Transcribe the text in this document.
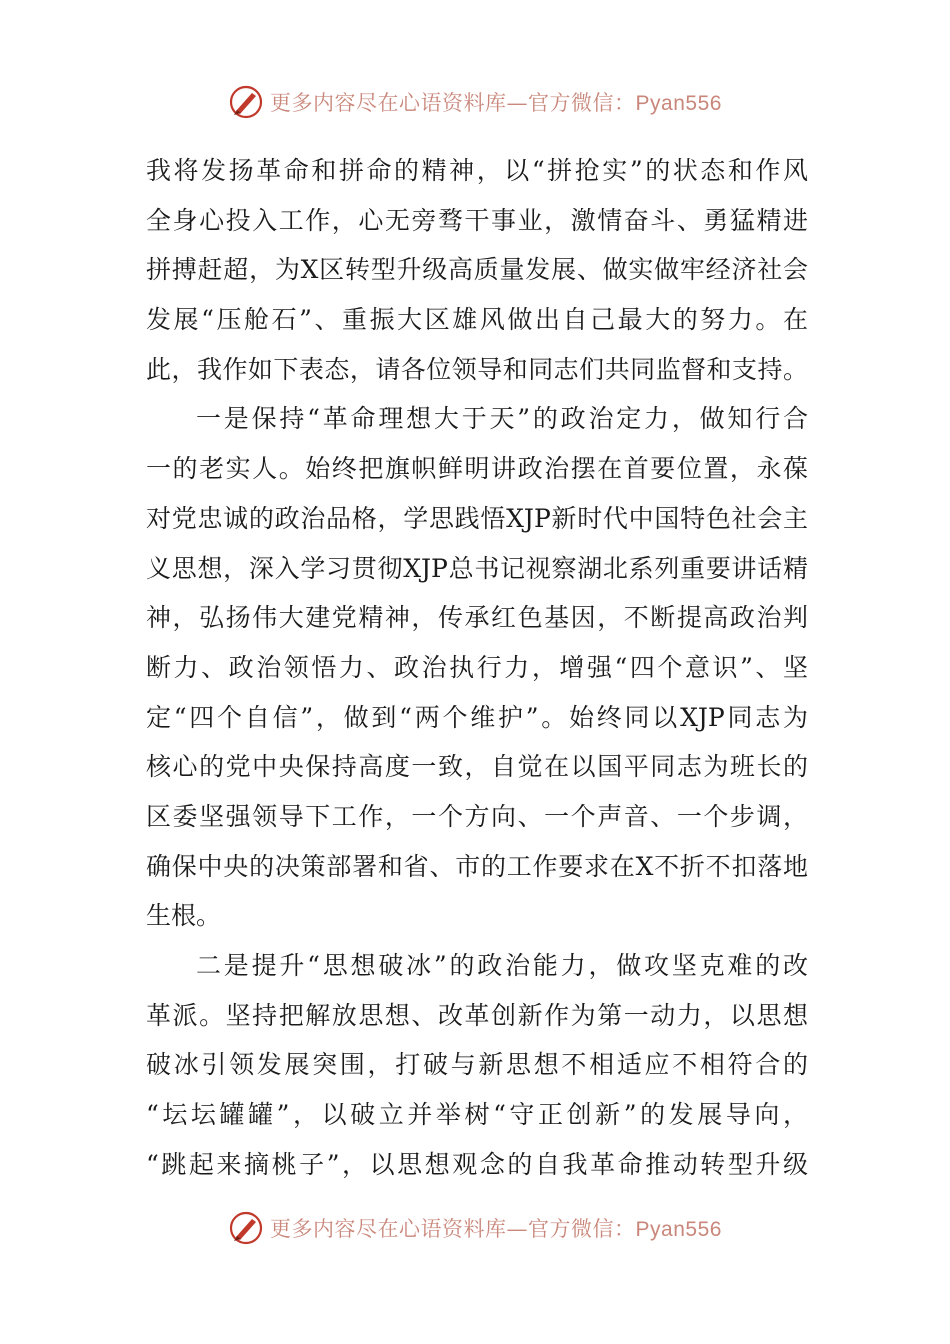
更多内容尽在心语资料库—官方微信：Pyan556
我将发扬革命和拼命的精神，以“拼抢实”的状态和作风
全身心投入工作，心无旁骛干事业，激情奋斗、勇猛精进
拼搏赶超，为X区转型升级高质量发展、做实做牢经济社会
发展“压舱石”、重振大区雄风做出自己最大的努力。在
此，我作如下表态，请各位领导和同志们共同监督和支持。
一是保持“革命理想大于天”的政治定力，做知行合
一的老实人。始终把旗帜鲜明讲政治摆在首要位置，永葆
对党忠诚的政治品格，学思践悟XJP新时代中国特色社会主
义思想，深入学习贯彻XJP总书记视察湖北系列重要讲话精
神，弘扬伟大建党精神，传承红色基因，不断提高政治判
断力、政治领悟力、政治执行力，增强“四个意识”、坚
定“四个自信”，做到“两个维护”。始终同以XJP同志为
核心的党中央保持高度一致，自觉在以国平同志为班长的
区委坚强领导下工作，一个方向、一个声音、一个步调，
确保中央的决策部署和省、市的工作要求在X不折不扣落地
生根。
二是提升“思想破冰”的政治能力，做攻坚克难的改
革派。坚持把解放思想、改革创新作为第一动力，以思想
破冰引领发展突围，打破与新思想不相适应不相符合的
“坛坛罐罐”，以破立并举树“守正创新”的发展导向，
“跳起来摘桃子”，以思想观念的自我革命推动转型升级
更多内容尽在心语资料库—官方微信：Pyan556
